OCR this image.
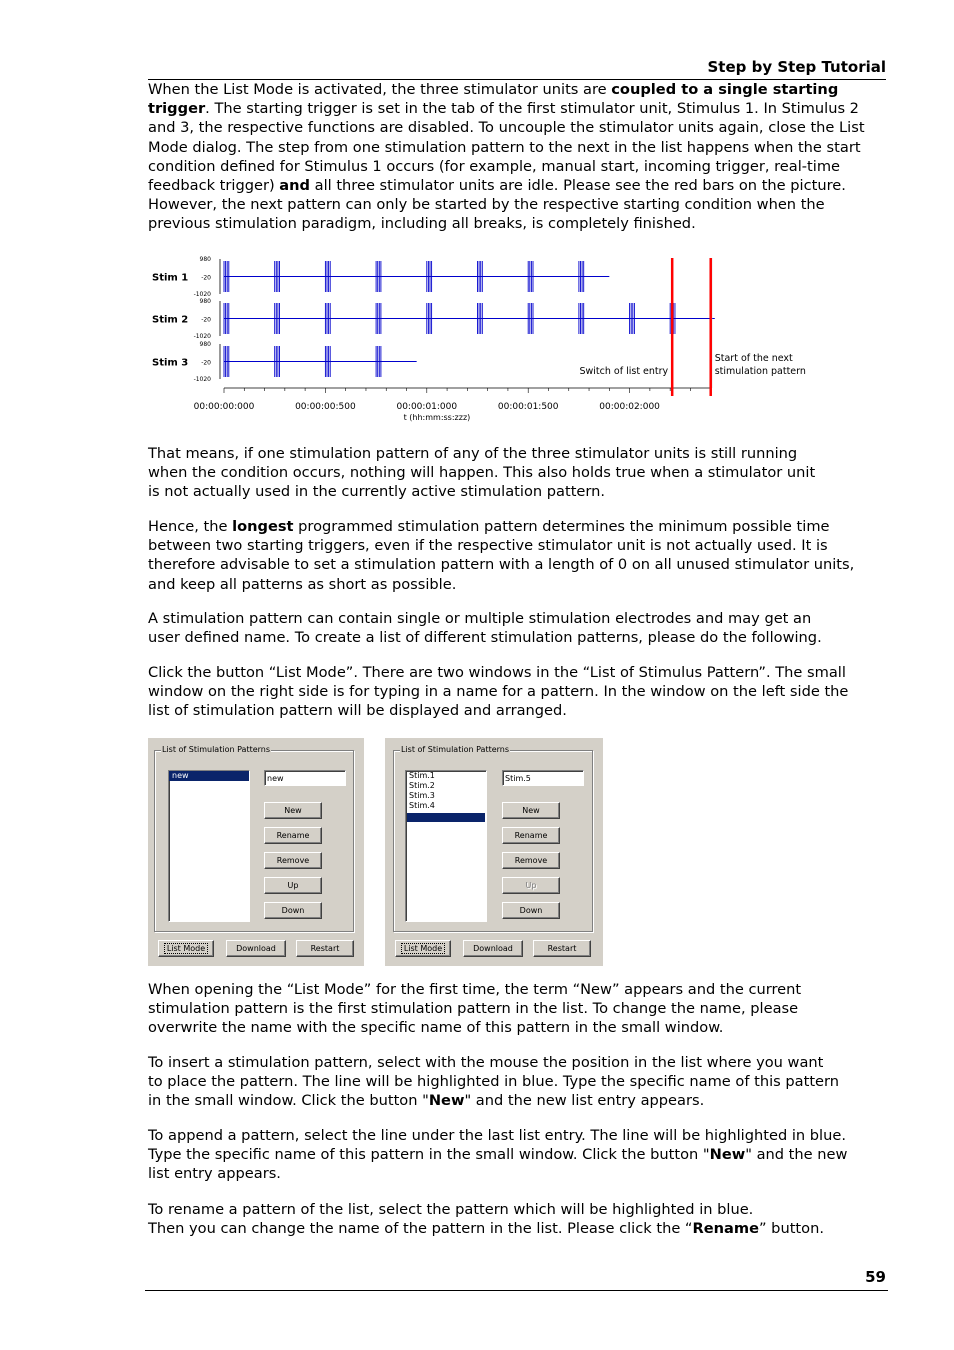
Step by Step Tutorial
When the List Mode is activated, the three stimulator units are coupled to a single starting
trigger. The starting trigger is set in the tab of the first stimulator unit, Stimulus 1. In Stimulus 2
and 3, the respective functions are disabled. To uncouple the stimulator units again, close the List
Mode dialog. The step from one stimulation pattern to the next in the list happens when the start
condition defined for Stimulus 1 occurs (for example, manual start, incoming trigger, real-time
feedback trigger) and all three stimulator units are idle. Please see the red bars on the picture.
However, the next pattern can only be started by the respective starting condition when the
previous stimulation paradigm, including all breaks, is completely finished.
Stim 1
980
-20
-1020
Stim 2
980
-20
-1020
Stim 3
980
-20
-1020
00:00:00:000	00:00:00:500	00:00:01:000	00:00:01:500	00:00:02:000
t (hh:mm:ss:zzz)
Switch of list entry
Start of the next
stimulation pattern
That means, if one stimulation pattern of any of the three stimulator units is still running
when the condition occurs, nothing will happen. This also holds true when a stimulator unit
is not actually used in the currently active stimulation pattern.
Hence, the longest programmed stimulation pattern determines the minimum possible time
between two starting triggers, even if the respective stimulator unit is not actually used. It is
therefore advisable to set a stimulation pattern with a length of 0 on all unused stimulator units,
and keep all patterns as short as possible.
A stimulation pattern can contain single or multiple stimulation electrodes and may get an
user defined name. To create a list of different stimulation patterns, please do the following.
Click the button “List Mode”. There are two windows in the “List of Stimulus Pattern”. The small
window on the right side is for typing in a name for a pattern. In the window on the left side the
list of stimulation pattern will be displayed and arranged.
List of Stimulation Patterns
new	new
New
Rename
Remove
Up
Down
List Mode	Download	Restart
List of Stimulation Patterns
Stim.1
Stim.2
Stim.3
Stim.4
Stim.5
New
Rename
Remove
Up
Down
List Mode	Download	Restart
When opening the “List Mode” for the first time, the term “New” appears and the current
stimulation pattern is the first stimulation pattern in the list. To change the name, please
overwrite the name with the specific name of this pattern in the small window.
To insert a stimulation pattern, select with the mouse the position in the list where you want
to place the pattern. The line will be highlighted in blue. Type the specific name of this pattern
in the small window. Click the button "New" and the new list entry appears.
To append a pattern, select the line under the last list entry. The line will be highlighted in blue.
Type the specific name of this pattern in the small window. Click the button "New" and the new
list entry appears.
To rename a pattern of the list, select the pattern which will be highlighted in blue.
Then you can change the name of the pattern in the list. Please click the “Rename” button.
59
